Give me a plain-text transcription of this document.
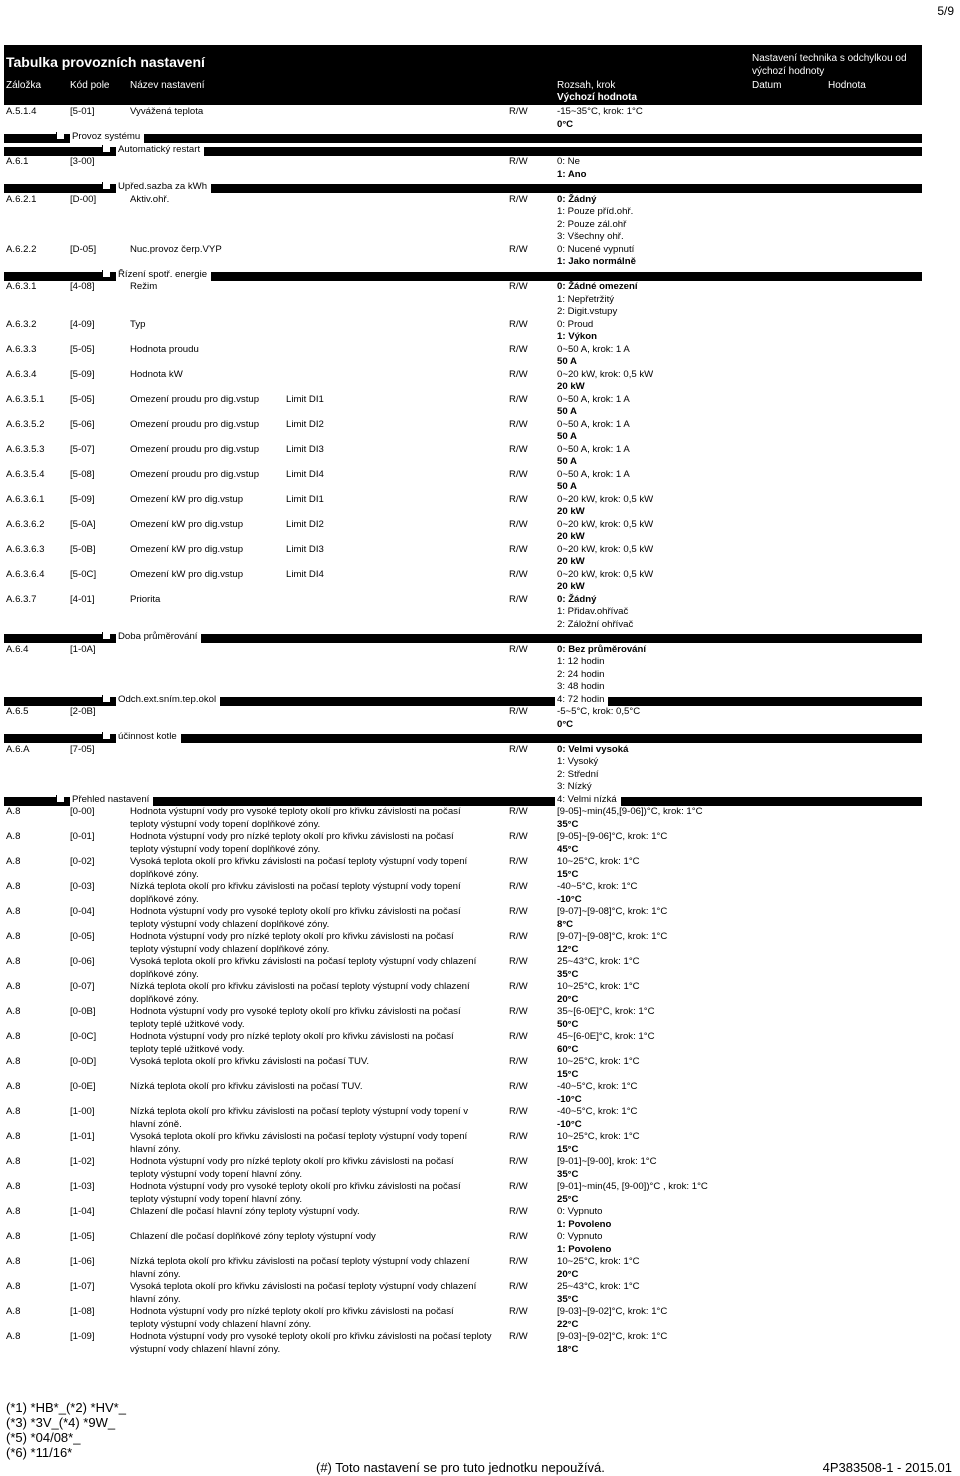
5/9
Tabulka provozních nastavení	Nastavení technika s odchylkou od
výchozí hodnoty
Záložka	Kód pole Název nastavení	Rozsah, krok
Výchozí hodnota
Datum	Hodnota
A.5.1.4	[5-01]	Vyvážená teplota	R/W	-15~35°C, krok: 1°C
0°C
Provoz systému
Automatický restart
A.6.1	[3-00]	R/W	0: Ne
1: Ano
Upřed.sazba za kWh
A.6.2.1	[D-00]	Aktiv.ohř.	R/W	0: Žádný
1: Pouze příd.ohř.
2: Pouze zál.ohř
3: Všechny ohř.
A.6.2.2	[D-05]	Nuc.provoz čerp.VYP	R/W	0: Nucené vypnutí
1: Jako normálně
Řízení spotř. energie
A.6.3.1	[4-08]	Režim	R/W	0: Žádné omezení
1: Nepřetržitý
2: Digit.vstupy
A.6.3.2	[4-09]	Typ	R/W	0: Proud
1: Výkon
A.6.3.3	[5-05]	Hodnota proudu	R/W	0~50 A, krok: 1 A
50 A
A.6.3.4	[5-09]	Hodnota kW	R/W	0~20 kW, krok: 0,5 kW
20 kW
A.6.3.5.1	[5-05]	Omezení proudu pro dig.vstup	Limit DI1	R/W	0~50 A, krok: 1 A
50 A
A.6.3.5.2	[5-06]	Omezení proudu pro dig.vstup	Limit DI2	R/W	0~50 A, krok: 1 A
50 A
A.6.3.5.3	[5-07]	Omezení proudu pro dig.vstup	Limit DI3	R/W	0~50 A, krok: 1 A
50 A
A.6.3.5.4	[5-08]	Omezení proudu pro dig.vstup	Limit DI4	R/W	0~50 A, krok: 1 A
50 A
A.6.3.6.1	[5-09]	Omezení kW pro dig.vstup	Limit DI1	R/W	0~20 kW, krok: 0,5 kW
20 kW
A.6.3.6.2	[5-0A]	Omezení kW pro dig.vstup	Limit DI2	R/W	0~20 kW, krok: 0,5 kW
20 kW
A.6.3.6.3	[5-0B]	Omezení kW pro dig.vstup	Limit DI3	R/W	0~20 kW, krok: 0,5 kW
20 kW
A.6.3.6.4	[5-0C]	Omezení kW pro dig.vstup	Limit DI4	R/W	0~20 kW, krok: 0,5 kW
20 kW
A.6.3.7	[4-01]	Priorita	R/W	0: Žádný
1: Přidav.ohřívač
2: Záložní ohřívač
Doba průměrování
A.6.4	[1-0A]	R/W	0: Bez průměrování
1: 12 hodin
2: 24 hodin
3: 48 hodin
Odch.ext.sním.tep.okol	4: 72 hodin
A.6.5	[2-0B]	R/W	-5~5°C, krok: 0,5°C
0°C
účinnost kotle
A.6.A	[7-05]	R/W	0: Velmi vysoká
1: Vysoký
2: Střední
3: Nízký
Přehled nastavení	4: Velmi nízká
A.8	[0-00]	Hodnota výstupní vody pro vysoké teploty okolí pro křivku závislosti na počasí	R/W	[9-05]~min(45,[9-06])°C, krok: 1°C
teploty výstupní vody topení doplňkové zóny.	35°C
A.8	[0-01]	Hodnota výstupní vody pro nízké teploty okolí pro křivku závislosti na počasí	R/W	[9-05]~[9-06]°C, krok: 1°C
teploty výstupní vody topení doplňkové zóny.	45°C
A.8	[0-02]	Vysoká teplota okolí pro křivku závislosti na počasí teploty výstupní vody topení	R/W	10~25°C, krok: 1°C
doplňkové zóny.	15°C
A.8	[0-03]	Nízká teplota okolí pro křivku závislosti na počasí teploty výstupní vody topení	R/W	-40~5°C, krok: 1°C
doplňkové zóny.	-10°C
A.8	[0-04]	Hodnota výstupní vody pro vysoké teploty okolí pro křivku závislosti na počasí	R/W	[9-07]~[9-08]°C, krok: 1°C
teploty výstupní vody chlazení doplňkové zóny.	8°C
A.8	[0-05]	Hodnota výstupní vody pro nízké teploty okolí pro křivku závislosti na počasí	R/W	[9-07]~[9-08]°C, krok: 1°C
teploty výstupní vody chlazení doplňkové zóny.	12°C
A.8	[0-06]	Vysoká teplota okolí pro křivku závislosti na počasí teploty výstupní vody chlazení	R/W	25~43°C, krok: 1°C
doplňkové zóny.	35°C
A.8	[0-07]	Nízká teplota okolí pro křivku závislosti na počasí teploty výstupní vody chlazení	R/W	10~25°C, krok: 1°C
doplňkové zóny.	20°C
A.8	[0-0B]	Hodnota výstupní vody pro vysoké teploty okolí pro křivku závislosti na počasí	R/W	35~[6-0E]°C, krok: 1°C
teploty teplé užitkové vody.	50°C
A.8	[0-0C]	Hodnota výstupní vody pro nízké teploty okolí pro křivku závislosti na počasí	R/W	45~[6-0E]°C, krok: 1°C
teploty teplé užitkové vody.	60°C
A.8	[0-0D]	Vysoká teplota okolí pro křivku závislosti na počasí TUV.	R/W	10~25°C, krok: 1°C
15°C
A.8	[0-0E]	Nízká teplota okolí pro křivku závislosti na počasí TUV.	R/W	-40~5°C, krok: 1°C
-10°C
A.8	[1-00]	Nízká teplota okolí pro křivku závislosti na počasí teploty výstupní vody topení v	R/W	-40~5°C, krok: 1°C
hlavní zóně.	-10°C
A.8	[1-01]	Vysoká teplota okolí pro křivku závislosti na počasí teploty výstupní vody topení	R/W	10~25°C, krok: 1°C
hlavní zóny.	15°C
A.8	[1-02]	Hodnota výstupní vody pro nízké teploty okolí pro křivku závislosti na počasí	R/W	[9-01]~[9-00], krok: 1°C
teploty výstupní vody topení hlavní zóny.	35°C
A.8	[1-03]	Hodnota výstupní vody pro vysoké teploty okolí pro křivku závislosti na počasí	R/W	[9-01]~min(45, [9-00])°C , krok: 1°C
teploty výstupní vody topení hlavní zóny.	25°C
A.8	[1-04]	Chlazení dle počasí hlavní zóny teploty výstupní vody.	R/W	0: Vypnuto
1: Povoleno
A.8	[1-05]	Chlazení dle počasí doplňkové zóny teploty výstupní vody	R/W	0: Vypnuto
1: Povoleno
A.8	[1-06]	Nízká teplota okolí pro křivku závislosti na počasí teploty výstupní vody chlazení	R/W	10~25°C, krok: 1°C
hlavní zóny.	20°C
A.8	[1-07]	Vysoká teplota okolí pro křivku závislosti na počasí teploty výstupní vody chlazení	R/W	25~43°C, krok: 1°C
hlavní zóny.	35°C
A.8	[1-08]	Hodnota výstupní vody pro nízké teploty okolí pro křivku závislosti na počasí	R/W	[9-03]~[9-02]°C, krok: 1°C
teploty výstupní vody chlazení hlavní zóny.	22°C
A.8	[1-09]	Hodnota výstupní vody pro vysoké teploty okolí pro křivku závislosti na počasí teploty R/W	[9-03]~[9-02]°C, krok: 1°C
výstupní vody chlazení hlavní zóny.	18°C
(*1) *HB*_(*2) *HV*_
(*3) *3V_(*4) *9W_
(*5) *04/08*_
(*6) *11/16*
(#) Toto nastavení se pro tuto jednotku nepoužívá.	4P383508-1 - 2015.01
